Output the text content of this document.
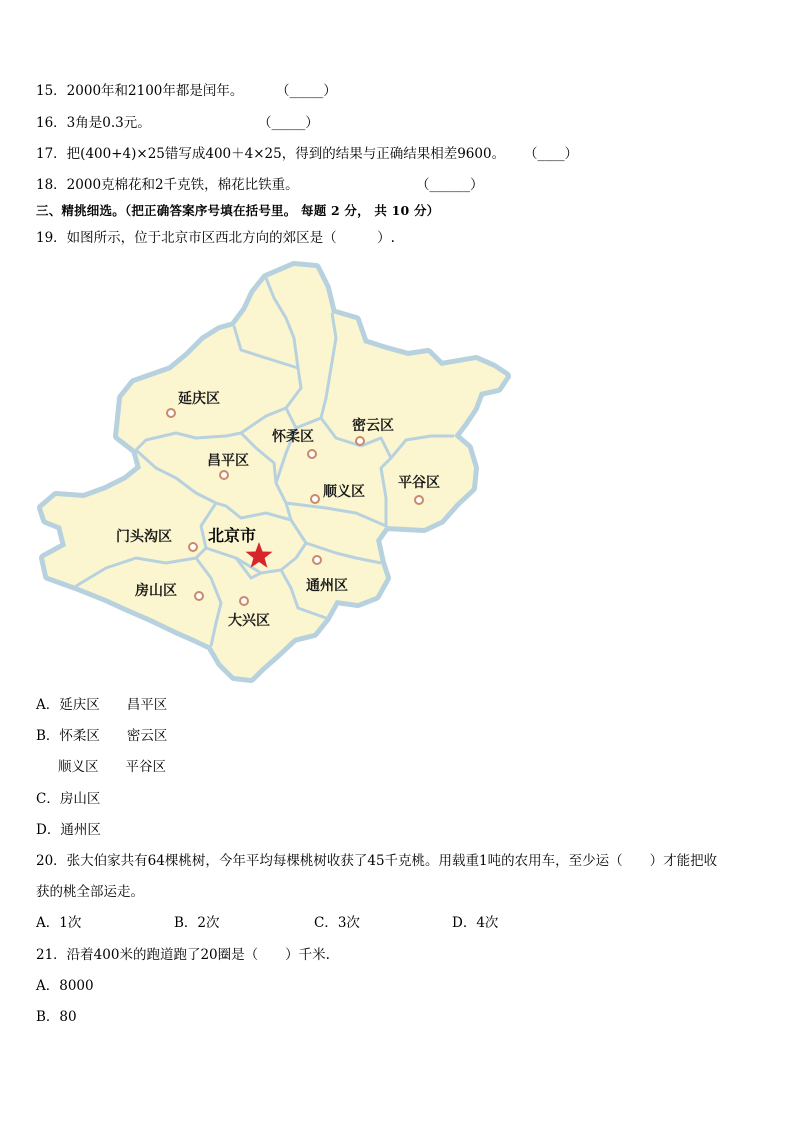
15．2000年和2100年都是闰年。 （_____）
16．3角是0.3元。	（_____）
17．把(400+4)×25错写成400＋4×25，得到的结果与正确结果相差9600。 （____）
18．2000克棉花和2千克铁，棉花比铁重。	（______）
三、精挑细选。（把正确答案序号填在括号里。 每题 2 分， 共 10 分）
19．如图所示，位于北京市区西北方向的郊区是（　　　）.
延庆区
怀柔区
密云区
昌平区
顺义区
平谷区
门头沟区 北京市
房山区
大兴区
通州区
A．延庆区　　昌平区
B．怀柔区　　密云区
顺义区　　平谷区
C．房山区
D．通州区
20．张大伯家共有64棵桃树，今年平均每棵桃树收获了45千克桃。用载重1吨的农用车，至少运（　　）才能把收
获的桃全部运走。
A．1次	B．2次	C．3次	D．4次
21．沿着400米的跑道跑了20圈是（　　）千米.
A．8000
B．80
